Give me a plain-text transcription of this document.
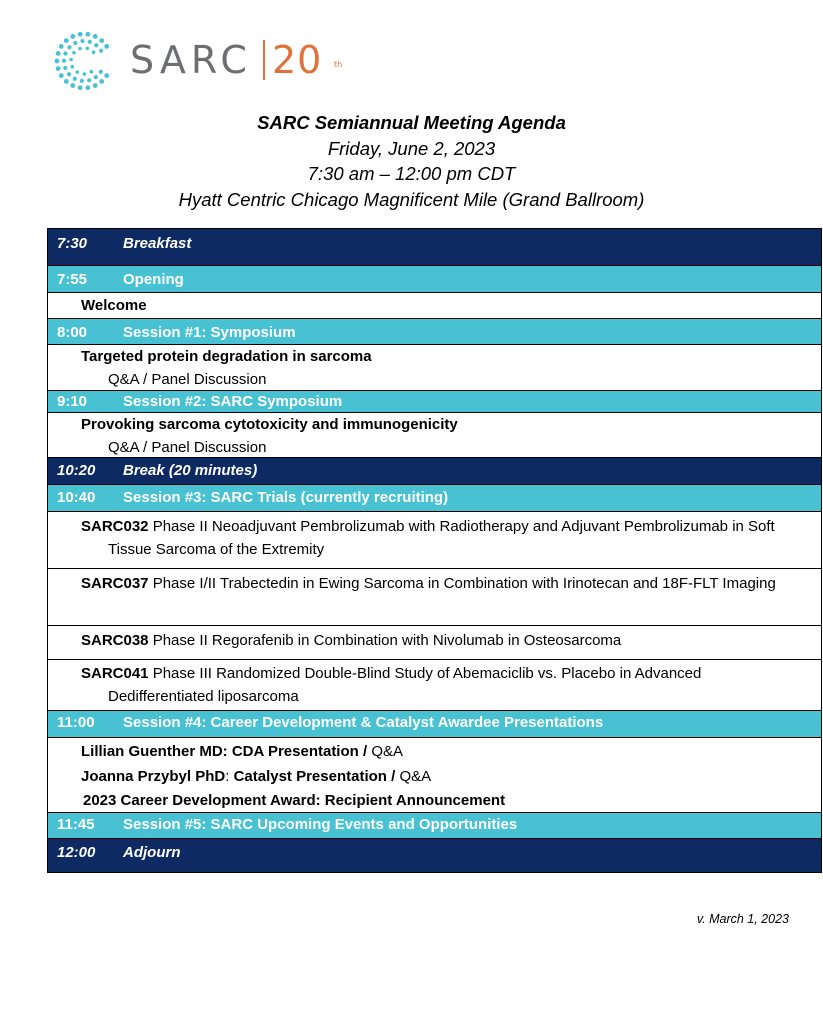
SARC 20 th
SARC Semiannual Meeting Agenda
Friday, June 2, 2023
7:30 am – 12:00 pm CDT
Hyatt Centric Chicago Magnificent Mile (Grand Ballroom)
7:30 Breakfast
7:55 Opening
Welcome
8:00 Session #1: Symposium
Targeted protein degradation in sarcoma
Q&A / Panel Discussion
9:10 Session #2: SARC Symposium
Provoking sarcoma cytotoxicity and immunogenicity
Q&A / Panel Discussion
10:20 Break (20 minutes)
10:40 Session #3: SARC Trials (currently recruiting)
SARC032 Phase II Neoadjuvant Pembrolizumab with Radiotherapy and Adjuvant Pembrolizumab in Soft Tissue Sarcoma of the Extremity
SARC037 Phase I/II Trabectedin in Ewing Sarcoma in Combination with Irinotecan and 18F-FLT Imaging
SARC038 Phase II Regorafenib in Combination with Nivolumab in Osteosarcoma
SARC041 Phase III Randomized Double-Blind Study of Abemaciclib vs. Placebo in Advanced Dedifferentiated liposarcoma
11:00 Session #4: Career Development & Catalyst Awardee Presentations
Lillian Guenther MD: CDA Presentation / Q&A
Joanna Przybyl PhD: Catalyst Presentation / Q&A
2023 Career Development Award: Recipient Announcement
11:45 Session #5: SARC Upcoming Events and Opportunities
12:00 Adjourn
v. March 1, 2023
